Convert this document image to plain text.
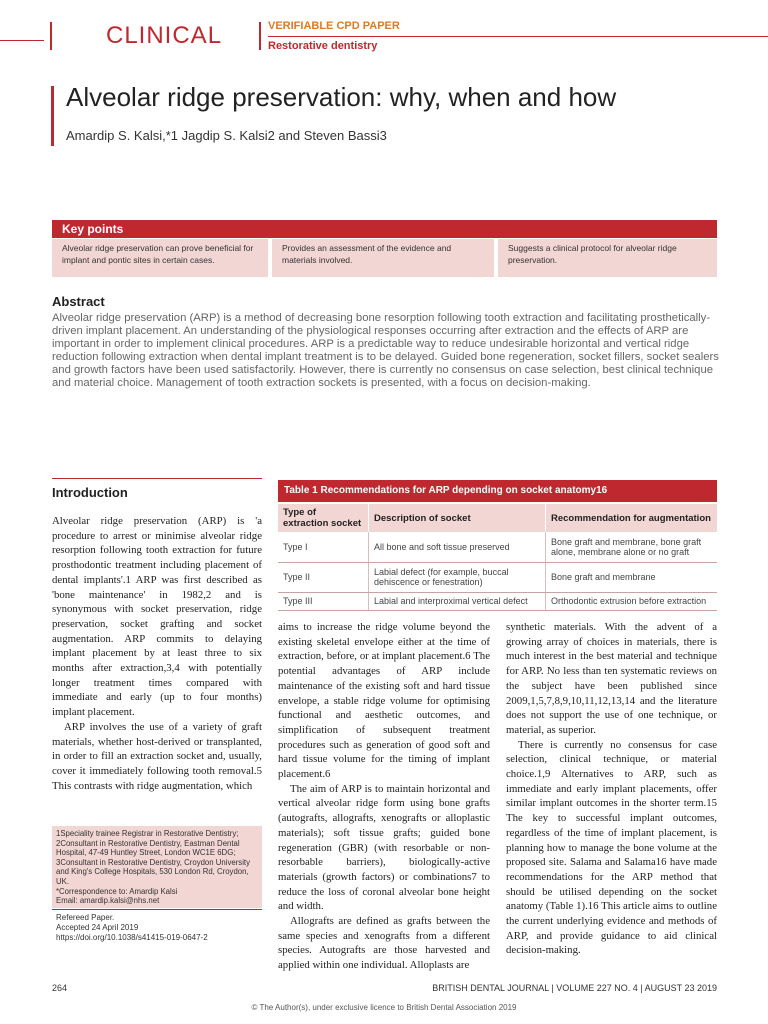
CLINICAL	VERIFIABLE CPD PAPER
Restorative dentistry
Alveolar ridge preservation: why, when and how
Amardip S. Kalsi,*1 Jagdip S. Kalsi2 and Steven Bassi3
Key points
Alveolar ridge preservation can prove beneficial for implant and pontic sites in certain cases.
Provides an assessment of the evidence and materials involved.
Suggests a clinical protocol for alveolar ridge preservation.
Abstract
Alveolar ridge preservation (ARP) is a method of decreasing bone resorption following tooth extraction and facilitating prosthetically-driven implant placement. An understanding of the physiological responses occurring after extraction and the effects of ARP are important in order to implement clinical procedures. ARP is a predictable way to reduce undesirable horizontal and vertical ridge reduction following extraction when dental implant treatment is to be delayed. Guided bone regeneration, socket fillers, socket sealers and growth factors have been used satisfactorily. However, there is currently no consensus on case selection, best clinical technique and material choice. Management of tooth extraction sockets is presented, with a focus on decision-making.
Introduction

Alveolar ridge preservation (ARP) is 'a procedure to arrest or minimise alveolar ridge resorption following tooth extraction for future prosthodontic treatment including placement of dental implants'.1 ARP was first described as 'bone maintenance' in 1982,2 and is synonymous with socket preservation, ridge preservation, socket grafting and socket augmentation. ARP commits to delaying implant placement by at least three to six months after extraction,3,4 with potentially longer treatment times compared with immediate and early (up to four months) implant placement.

ARP involves the use of a variety of graft materials, whether host-derived or transplanted, in order to fill an extraction socket and, usually, cover it immediately following tooth removal.5 This contrasts with ridge augmentation, which

aims to increase the ridge volume beyond the existing skeletal envelope either at the time of extraction, before, or at implant placement.6 The potential advantages of ARP include maintenance of the existing soft and hard tissue envelope, a stable ridge volume for optimising functional and aesthetic outcomes, and simplification of subsequent treatment procedures such as generation of good soft and hard tissue volume for the timing of implant placement.6

The aim of ARP is to maintain horizontal and vertical alveolar ridge form using bone grafts (autografts, allografts, xenografts or alloplastic materials); soft tissue grafts; guided bone regeneration (GBR) (with resorbable or non-resorbable barriers), biologically-active materials (growth factors) or combinations7 to reduce the loss of coronal alveolar bone height and width.

Allografts are defined as grafts between the same species and xenografts from a different species. Autografts are those harvested and applied within one individual. Alloplasts are

synthetic materials. With the advent of a growing array of choices in materials, there is much interest in the best material and technique for ARP. No less than ten systematic reviews on the subject have been published since 2009,1,5,7,8,9,10,11,12,13,14 and the literature does not support the use of one technique, or material, as superior.

There is currently no consensus for case selection, clinical technique, or material choice.1,9 Alternatives to ARP, such as immediate and early implant placements, offer similar implant outcomes in the shorter term.15 The key to successful implant outcomes, regardless of the time of implant placement, is planning how to manage the bone volume at the proposed site. Salama and Salama16 have made recommendations for the ARP method that should be utilised depending on the socket anatomy (Table 1).16 This article aims to outline the current underlying evidence and methods of ARP, and provide guidance to aid clinical decision-making.

Table 1 Recommendations for ARP depending on socket anatomy16
Type of extraction socket	Description of socket	Recommendation for augmentation
Type I	All bone and soft tissue preserved	Bone graft and membrane, bone graft alone, membrane alone or no graft
Type II	Labial defect (for example, buccal dehiscence or fenestration)	Bone graft and membrane
Type III	Labial and interproximal vertical defect	Orthodontic extrusion before extraction
1Speciality trainee Registrar in Restorative Dentistry;
2Consultant in Restorative Dentistry, Eastman Dental Hospital, 47-49 Huntley Street, London WC1E 6DG;
3Consultant in Restorative Dentistry, Croydon University and King's College Hospitals, 530 London Rd, Croydon, UK.
*Correspondence to: Amardip Kalsi
Email: amardip.kalsi@nhs.net
Refereed Paper.
Accepted 24 April 2019
https://doi.org/10.1038/s41415-019-0647-2
264	BRITISH DENTAL JOURNAL | VOLUME 227 NO. 4 | AUGUST 23 2019
© The Author(s), under exclusive licence to British Dental Association 2019
